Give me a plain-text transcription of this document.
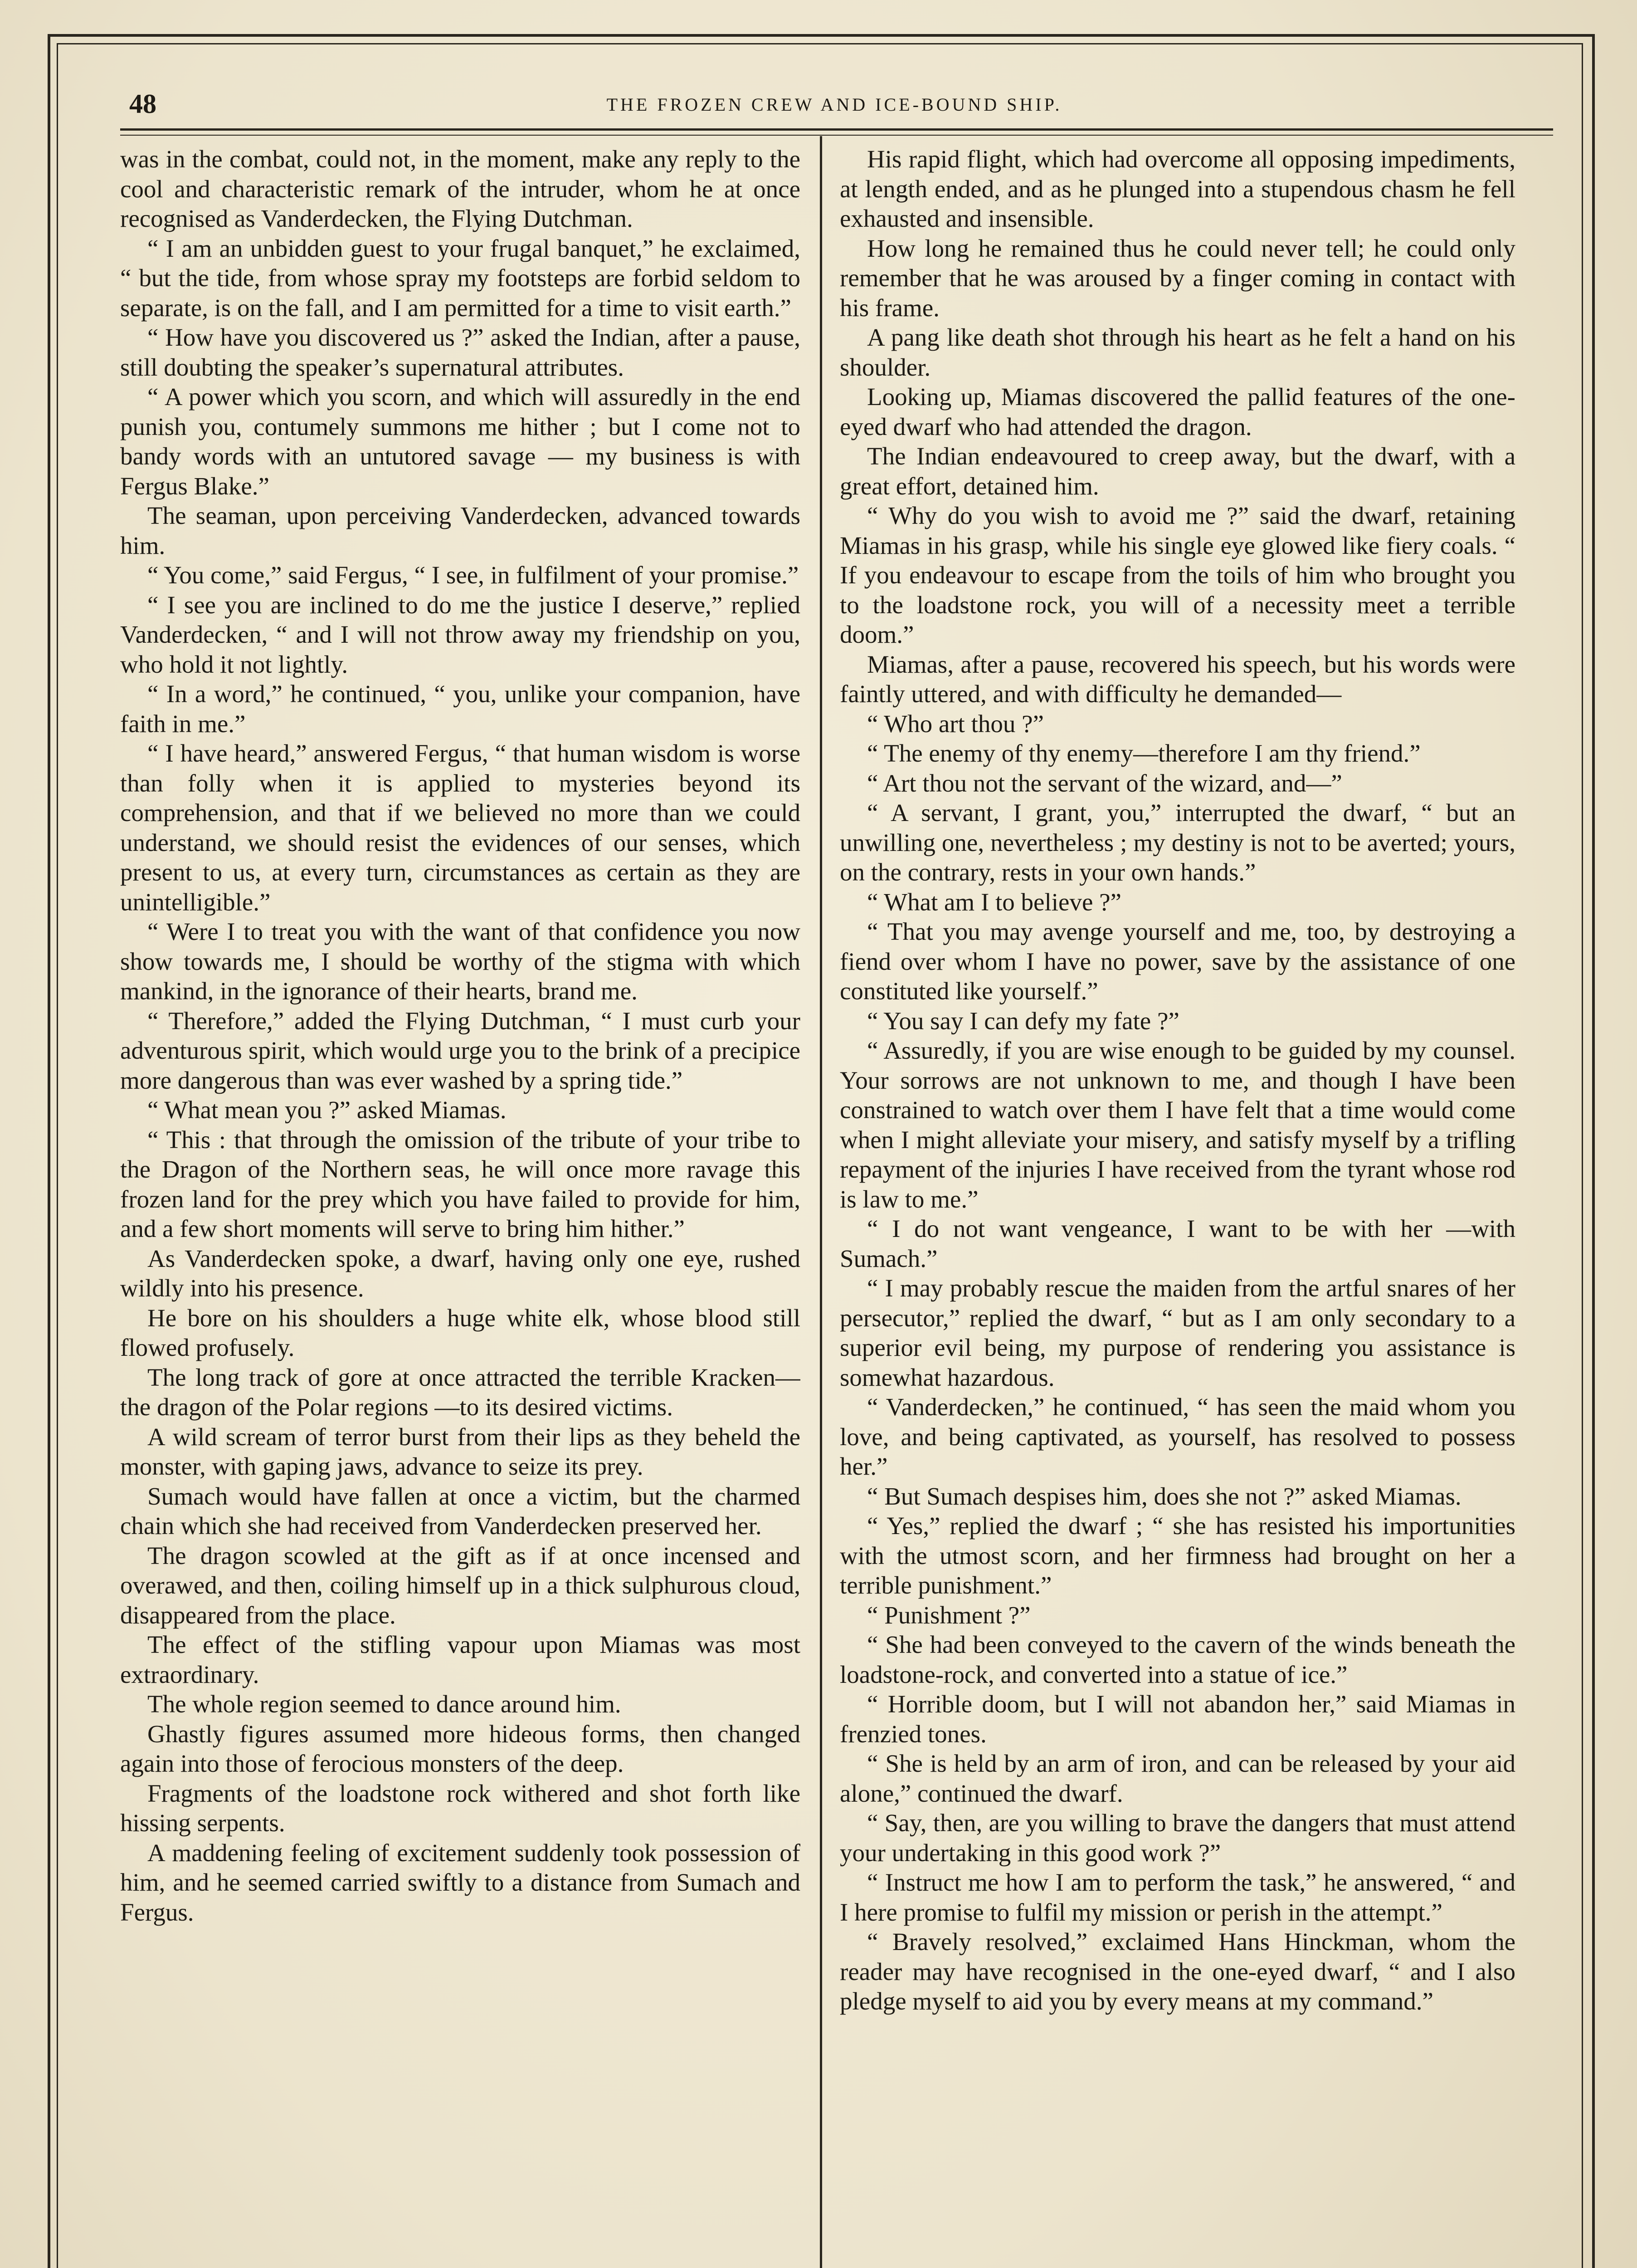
48	THE FROZEN CREW AND ICE-BOUND SHIP.

was in the combat, could not, in the moment, make any reply to the cool and characteristic remark of the intruder, whom he at once recognised as Vanderdecken, the Flying Dutchman.

“ I am an unbidden guest to your frugal banquet,” he exclaimed, “ but the tide, from whose spray my footsteps are forbid seldom to separate, is on the fall, and I am permitted for a time to visit earth.”

“ How have you discovered us ?” asked the Indian, after a pause, still doubting the speaker’s supernatural attributes.

“ A power which you scorn, and which will assuredly in the end punish you, contumely summons me hither ; but I come not to bandy words with an untutored savage — my business is with Fergus Blake.”

The seaman, upon perceiving Vanderdecken, advanced towards him.

“ You come,” said Fergus, “ I see, in fulfilment of your promise.”

“ I see you are inclined to do me the justice I deserve,” replied Vanderdecken, “ and I will not throw away my friendship on you, who hold it not lightly.

“ In a word,” he continued, “ you, unlike your companion, have faith in me.”

“ I have heard,” answered Fergus, “ that human wisdom is worse than folly when it is applied to mysteries beyond its comprehension, and that if we believed no more than we could understand, we should resist the evidences of our senses, which present to us, at every turn, circumstances as certain as they are unintelligible.”

“ Were I to treat you with the want of that confidence you now show towards me, I should be worthy of the stigma with which mankind, in the ignorance of their hearts, brand me.

“ Therefore,” added the Flying Dutchman, “ I must curb your adventurous spirit, which would urge you to the brink of a precipice more dangerous than was ever washed by a spring tide.”

“ What mean you ?” asked Miamas.

“ This : that through the omission of the tribute of your tribe to the Dragon of the Northern seas, he will once more ravage this frozen land for the prey which you have failed to provide for him, and a few short moments will serve to bring him hither.”

As Vanderdecken spoke, a dwarf, having only one eye, rushed wildly into his presence.

He bore on his shoulders a huge white elk, whose blood still flowed profusely.

The long track of gore at once attracted the terrible Kracken—the dragon of the Polar regions —to its desired victims.

A wild scream of terror burst from their lips as they beheld the monster, with gaping jaws, advance to seize its prey.

Sumach would have fallen at once a victim, but the charmed chain which she had received from Vanderdecken preserved her.

The dragon scowled at the gift as if at once incensed and overawed, and then, coiling himself up in a thick sulphurous cloud, disappeared from the place.

The effect of the stifling vapour upon Miamas was most extraordinary.

The whole region seemed to dance around him.

Ghastly figures assumed more hideous forms, then changed again into those of ferocious monsters of the deep.

Fragments of the loadstone rock withered and shot forth like hissing serpents.

A maddening feeling of excitement suddenly took possession of him, and he seemed carried swiftly to a distance from Sumach and Fergus.

His rapid flight, which had overcome all opposing impediments, at length ended, and as he plunged into a stupendous chasm he fell exhausted and insensible.

How long he remained thus he could never tell; he could only remember that he was aroused by a finger coming in contact with his frame.

A pang like death shot through his heart as he felt a hand on his shoulder.

Looking up, Miamas discovered the pallid features of the one-eyed dwarf who had attended the dragon.

The Indian endeavoured to creep away, but the dwarf, with a great effort, detained him.

“ Why do you wish to avoid me ?” said the dwarf, retaining Miamas in his grasp, while his single eye glowed like fiery coals. “ If you endeavour to escape from the toils of him who brought you to the loadstone rock, you will of a necessity meet a terrible doom.”

Miamas, after a pause, recovered his speech, but his words were faintly uttered, and with difficulty he demanded—

“ Who art thou ?”

“ The enemy of thy enemy—therefore I am thy friend.”

“ Art thou not the servant of the wizard, and—”

“ A servant, I grant, you,” interrupted the dwarf, “ but an unwilling one, nevertheless ; my destiny is not to be averted; yours, on the contrary, rests in your own hands.”

“ What am I to believe ?”

“ That you may avenge yourself and me, too, by destroying a fiend over whom I have no power, save by the assistance of one constituted like yourself.”

“ You say I can defy my fate ?”

“ Assuredly, if you are wise enough to be guided by my counsel. Your sorrows are not unknown to me, and though I have been constrained to watch over them I have felt that a time would come when I might alleviate your misery, and satisfy myself by a trifling repayment of the injuries I have received from the tyrant whose rod is law to me.”

“ I do not want vengeance, I want to be with her —with Sumach.”

“ I may probably rescue the maiden from the artful snares of her persecutor,” replied the dwarf, “ but as I am only secondary to a superior evil being, my purpose of rendering you assistance is somewhat hazardous.

“ Vanderdecken,” he continued, “ has seen the maid whom you love, and being captivated, as yourself, has resolved to possess her.”

“ But Sumach despises him, does she not ?” asked Miamas.

“ Yes,” replied the dwarf ; “ she has resisted his importunities with the utmost scorn, and her firmness had brought on her a terrible punishment.”

“ Punishment ?”

“ She had been conveyed to the cavern of the winds beneath the loadstone-rock, and converted into a statue of ice.”

“ Horrible doom, but I will not abandon her,” said Miamas in frenzied tones.

“ She is held by an arm of iron, and can be released by your aid alone,” continued the dwarf.

“ Say, then, are you willing to brave the dangers that must attend your undertaking in this good work ?”

“ Instruct me how I am to perform the task,” he answered, “ and I here promise to fulfil my mission or perish in the attempt.”

“ Bravely resolved,” exclaimed Hans Hinckman, whom the reader may have recognised in the one-eyed dwarf, “ and I also pledge myself to aid you by every means at my command.”
